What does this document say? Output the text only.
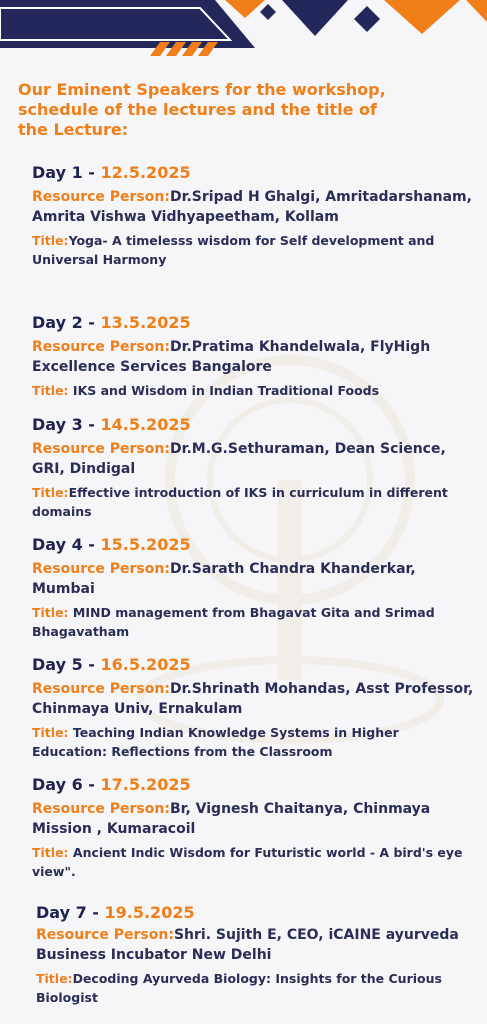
Our Eminent Speakers for the workshop,
schedule of the lectures and the title of
the Lecture:
Day 1 - 12.5.2025
Resource Person:Dr.Sripad H Ghalgi, Amritadarshanam, Amrita Vishwa Vidhyapeetham, Kollam
Title:Yoga- A timelesss wisdom for Self development and Universal Harmony
Day 2 - 13.5.2025
Resource Person:Dr.Pratima Khandelwala, FlyHigh Excellence Services Bangalore
Title: IKS and Wisdom in Indian Traditional Foods
Day 3 - 14.5.2025
Resource Person:Dr.M.G.Sethuraman, Dean Science, GRI, Dindigal
Title:Effective introduction of IKS in curriculum in different domains
Day 4 - 15.5.2025
Resource Person:Dr.Sarath Chandra Khanderkar, Mumbai
Title: MIND management from Bhagavat Gita and Srimad Bhagavatham
Day 5 - 16.5.2025
Resource Person:Dr.Shrinath Mohandas, Asst Professor, Chinmaya Univ, Ernakulam
Title: Teaching Indian Knowledge Systems in Higher Education: Reflections from the Classroom
Day 6 - 17.5.2025
Resource Person:Br, Vignesh Chaitanya, Chinmaya Mission , Kumaracoil
Title: Ancient Indic Wisdom for Futuristic world - A bird's eye view".
Day 7 - 19.5.2025
Resource Person:Shri. Sujith E, CEO, iCAINE ayurveda Business Incubator New Delhi
Title:Decoding Ayurveda Biology: Insights for the Curious Biologist
